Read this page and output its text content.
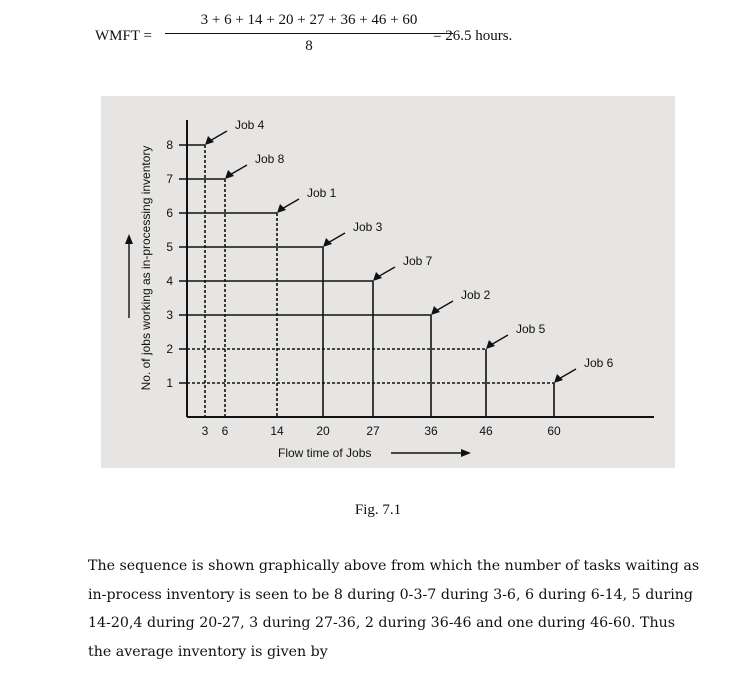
WMFT =
3 + 6 + 14 + 20 + 27 + 36 + 46 + 60
8
= 26.5 hours.
1
2
3
4
5
6
7
8
3 6	14	20	27	36	46	60
Job 4
Job 8
Job 1
Job 3
Job 7
Job 2
Job 5
Job 6
No. of jobs working as in-processing inventory
Flow time of Jobs
Fig. 7.1
The sequence is shown graphically above from which the number of tasks waiting as
in-process inventory is seen to be 8 during 0-3-7 during 3-6, 6 during 6-14, 5 during
14-20,4 during 20-27, 3 during 27-36, 2 during 36-46 and one during 46-60. Thus
the average inventory is given by
